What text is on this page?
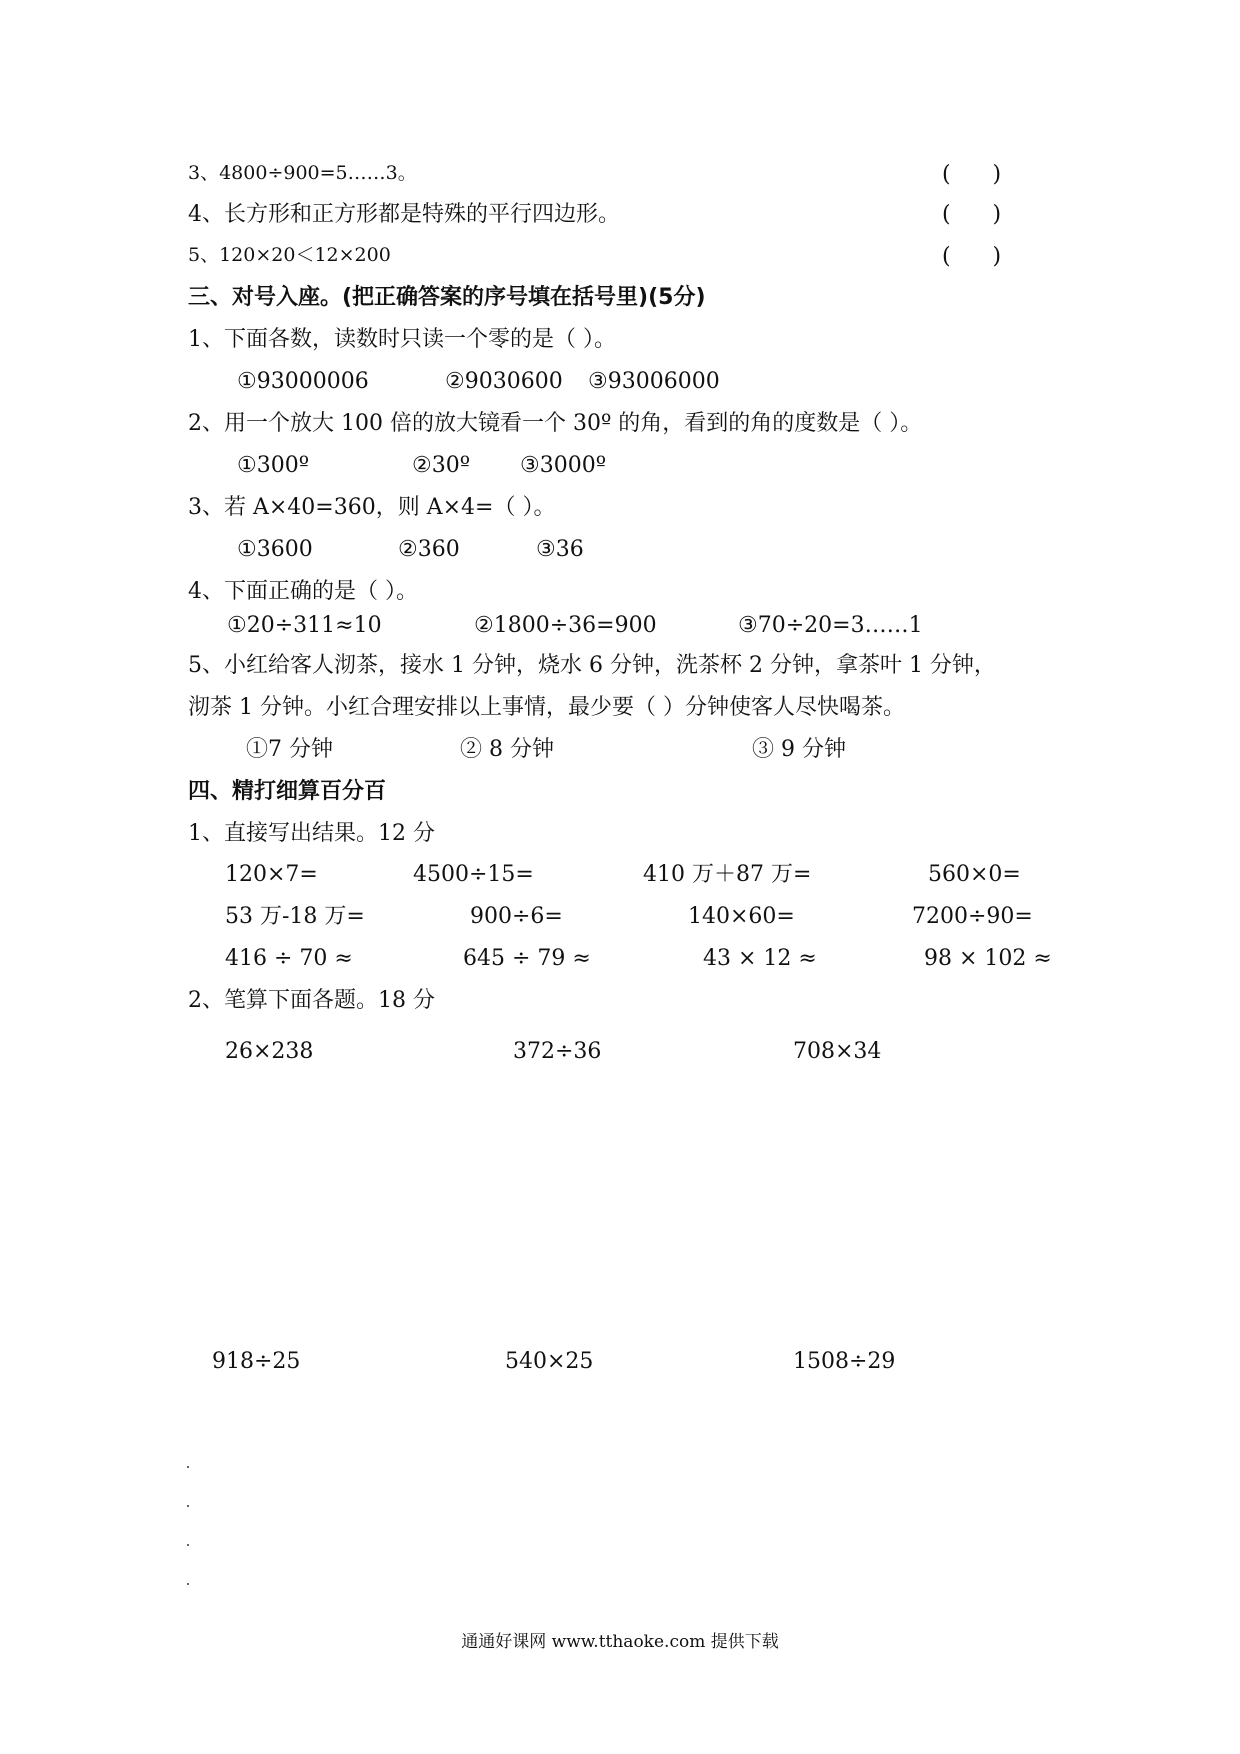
3、4800÷900=5……3。	(      )
4、长方形和正方形都是特殊的平行四边形。	(      )
5、120×20＜12×200	(      )
三、对号入座。(把正确答案的序号填在括号里)(5分)
1、下面各数，读数时只读一个零的是（ ）。
①93000006	②9030600 ③93006000
2、用一个放大 100 倍的放大镜看一个 30º 的角，看到的角的度数是（ ）。
①300º	②30º ③3000º
3、若 A×40=360，则 A×4=（ ）。
①3600	②360	③36
4、下面正确的是（ ）。
①20÷311≈10	②1800÷36=900	③70÷20=3……1
5、小红给客人沏茶，接水 1 分钟，烧水 6 分钟，洗茶杯 2 分钟，拿茶叶 1 分钟，
沏茶 1 分钟。小红合理安排以上事情，最少要（ ）分钟使客人尽快喝茶。
①7 分钟	② 8 分钟	③ 9 分钟
四、精打细算百分百
1、直接写出结果。12 分
120×7=	4500÷15=	410 万＋87 万=	560×0=
53 万-18 万=	900÷6=	140×60=	7200÷90=
416 ÷ 70 ≈	645 ÷ 79 ≈	43 × 12 ≈	98 × 102 ≈
2、笔算下面各题。18 分
26×238	372÷36	708×34
918÷25	540×25	1508÷29
通通好课网 www.tthaoke.com 提供下载
